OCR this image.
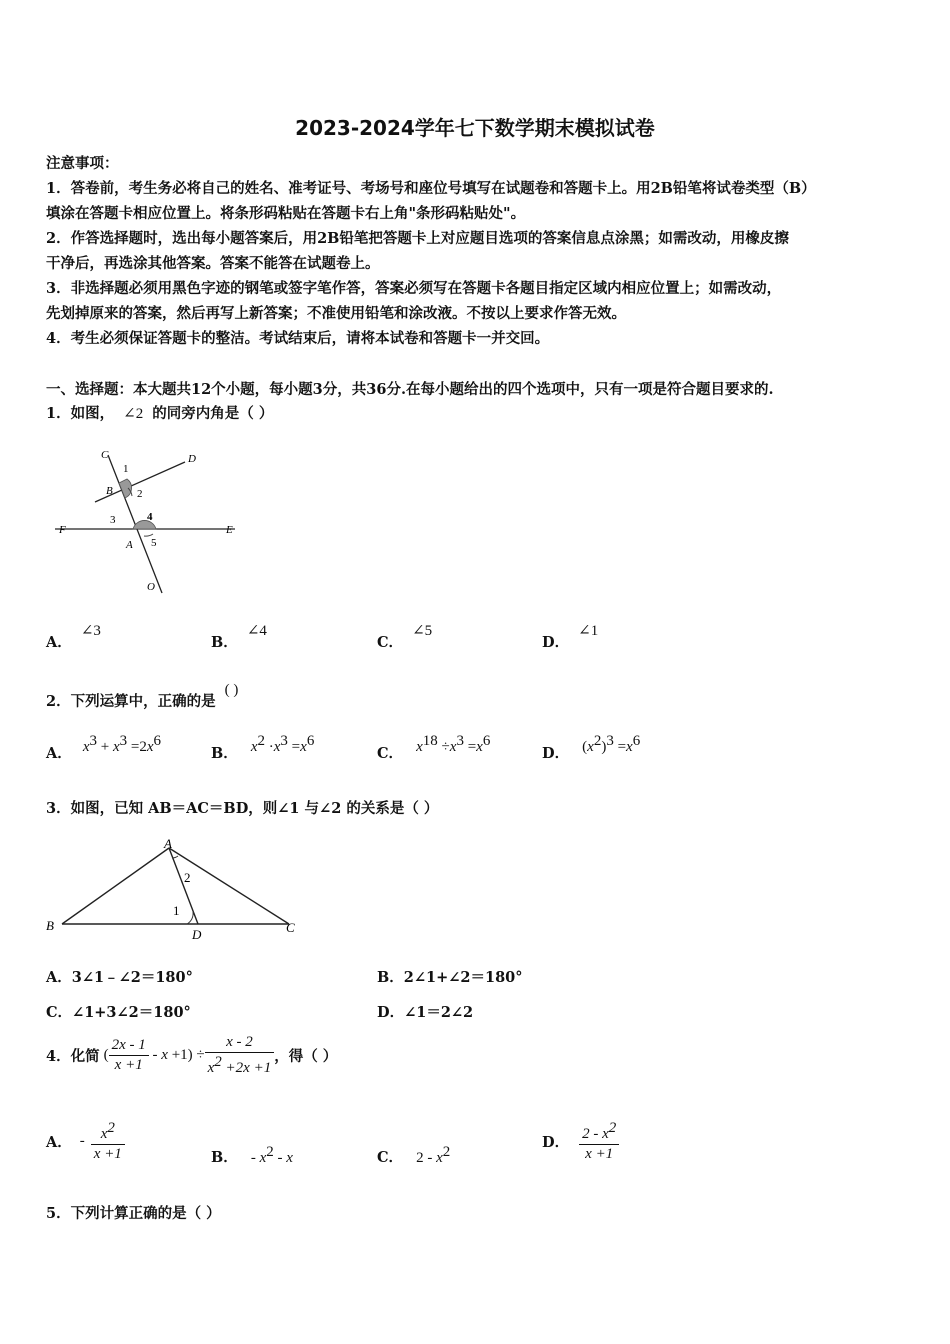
2023-2024学年七下数学期末模拟试卷
注意事项：
1．答卷前，考生务必将自己的姓名、准考证号、考场号和座位号填写在试题卷和答题卡上。用2B铅笔将试卷类型（B）
填涂在答题卡相应位置上。将条形码粘贴在答题卡右上角"条形码粘贴处"。
2．作答选择题时，选出每小题答案后，用2B铅笔把答题卡上对应题目选项的答案信息点涂黑；如需改动，用橡皮擦
干净后，再选涂其他答案。答案不能答在试题卷上。
3．非选择题必须用黑色字迹的钢笔或签字笔作答，答案必须写在答题卡各题目指定区域内相应位置上；如需改动，
先划掉原来的答案，然后再写上新答案；不准使用铅笔和涂改液。不按以上要求作答无效。
4．考生必须保证答题卡的整洁。考试结束后，请将本试卷和答题卡一并交回。
一、选择题：本大题共12个小题，每小题3分，共36分.在每小题给出的四个选项中，只有一项是符合题目要求的.
1．如图， ∠2 的同旁内角是（ ）
C	D
1
B 2
3	4
F	E
A 5
O
A． ∠3
B． ∠4
C． ∠5
D． ∠1
2．下列运算中，正确的是 ( )
A． $x^3 + x^3 =2x^6$
B． $x^2 \cdot x^3 =x^6$
C． $x^{18} \div x^3 =x^6$
D． $(x^2)^3 =x^6$
3．如图，已知 AB＝AC＝BD，则∠1 与∠2 的关系是（ ）
A
B	C
D
1
2
A．3∠1﹣∠2＝180°	B．2∠1+∠2＝180°
C．∠1+3∠2＝180°	D．∠1＝2∠2
4．化简 ( $\frac{2x - 1}{x +1} - x +1) \div \frac{x - 2}{x^2 +2x +1}$ ，得（ ）
A． - $\frac{x^2}{x +1}$	B． - $x^2$ - x	C． $2 - x^2$
D． $\frac{2 - x^2}{x +1}$
5．下列计算正确的是（ ）
